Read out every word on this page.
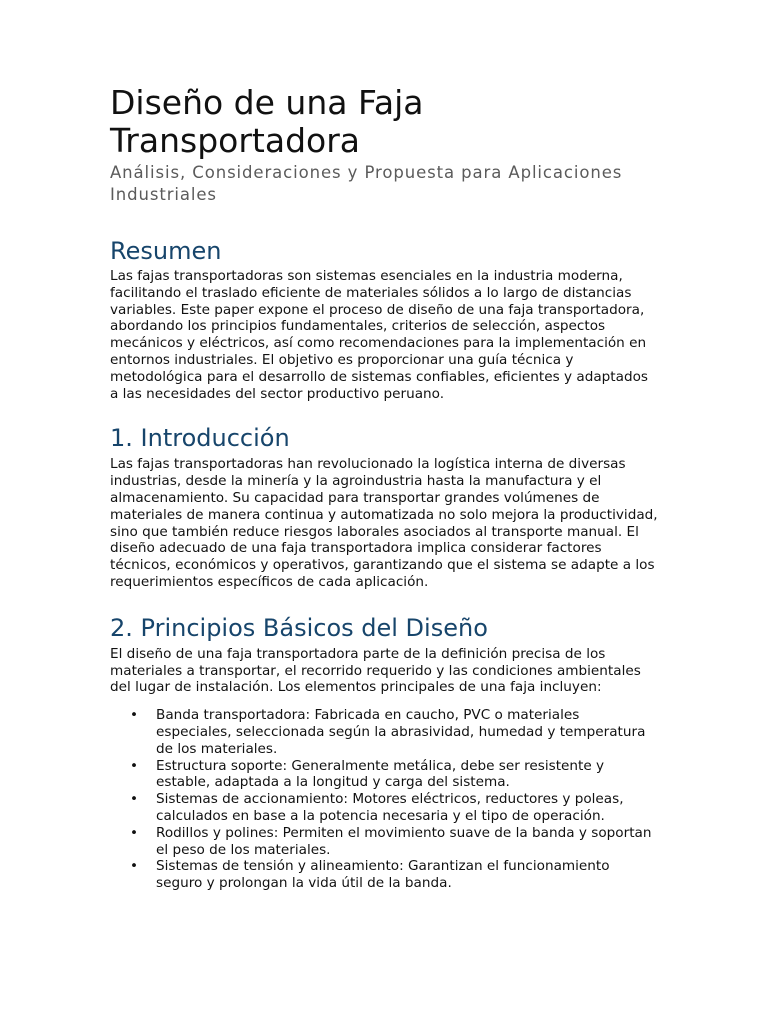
Diseño de una Faja Transportadora
Análisis, Consideraciones y Propuesta para Aplicaciones Industriales
Resumen

Las fajas transportadoras son sistemas esenciales en la industria moderna, facilitando el traslado eficiente de materiales sólidos a lo largo de distancias variables. Este paper expone el proceso de diseño de una faja transportadora, abordando los principios fundamentales, criterios de selección, aspectos mecánicos y eléctricos, así como recomendaciones para la implementación en entornos industriales. El objetivo es proporcionar una guía técnica y metodológica para el desarrollo de sistemas confiables, eficientes y adaptados a las necesidades del sector productivo peruano.

1. Introducción

Las fajas transportadoras han revolucionado la logística interna de diversas industrias, desde la minería y la agroindustria hasta la manufactura y el almacenamiento. Su capacidad para transportar grandes volúmenes de materiales de manera continua y automatizada no solo mejora la productividad, sino que también reduce riesgos laborales asociados al transporte manual. El diseño adecuado de una faja transportadora implica considerar factores técnicos, económicos y operativos, garantizando que el sistema se adapte a los requerimientos específicos de cada aplicación.

2. Principios Básicos del Diseño

El diseño de una faja transportadora parte de la definición precisa de los materiales a transportar, el recorrido requerido y las condiciones ambientales del lugar de instalación. Los elementos principales de una faja incluyen:

• Banda transportadora: Fabricada en caucho, PVC o materiales especiales, seleccionada según la abrasividad, humedad y temperatura de los materiales.
• Estructura soporte: Generalmente metálica, debe ser resistente y estable, adaptada a la longitud y carga del sistema.
• Sistemas de accionamiento: Motores eléctricos, reductores y poleas, calculados en base a la potencia necesaria y el tipo de operación.
• Rodillos y polines: Permiten el movimiento suave de la banda y soportan el peso de los materiales.
• Sistemas de tensión y alineamiento: Garantizan el funcionamiento seguro y prolongan la vida útil de la banda.
